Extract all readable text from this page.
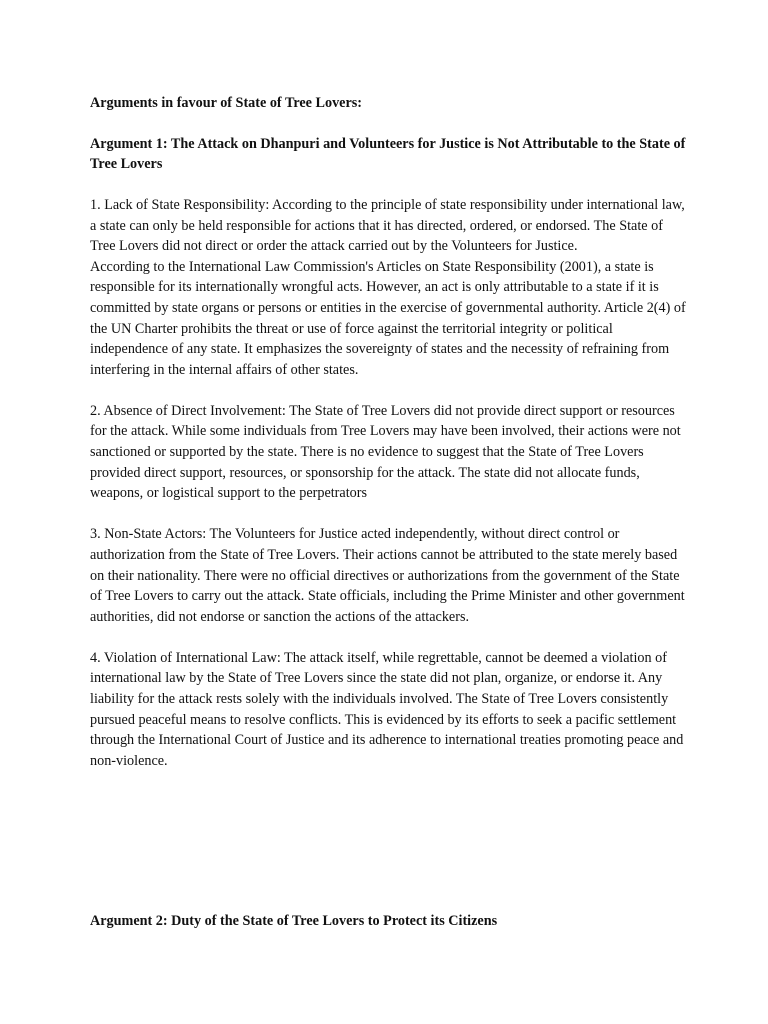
Arguments in favour of State of Tree Lovers:

Argument 1: The Attack on Dhanpuri and Volunteers for Justice is Not Attributable to the State of Tree Lovers

1. Lack of State Responsibility: According to the principle of state responsibility under international law, a state can only be held responsible for actions that it has directed, ordered, or endorsed. The State of Tree Lovers did not direct or order the attack carried out by the Volunteers for Justice.

According to the International Law Commission's Articles on State Responsibility (2001), a state is responsible for its internationally wrongful acts. However, an act is only attributable to a state if it is committed by state organs or persons or entities in the exercise of governmental authority. Article 2(4) of the UN Charter prohibits the threat or use of force against the territorial integrity or political independence of any state. It emphasizes the sovereignty of states and the necessity of refraining from interfering in the internal affairs of other states.

2. Absence of Direct Involvement: The State of Tree Lovers did not provide direct support or resources for the attack. While some individuals from Tree Lovers may have been involved, their actions were not sanctioned or supported by the state. There is no evidence to suggest that the State of Tree Lovers provided direct support, resources, or sponsorship for the attack. The state did not allocate funds, weapons, or logistical support to the perpetrators

3. Non-State Actors: The Volunteers for Justice acted independently, without direct control or authorization from the State of Tree Lovers. Their actions cannot be attributed to the state merely based on their nationality. There were no official directives or authorizations from the government of the State of Tree Lovers to carry out the attack. State officials, including the Prime Minister and other government authorities, did not endorse or sanction the actions of the attackers.

4. Violation of International Law: The attack itself, while regrettable, cannot be deemed a violation of international law by the State of Tree Lovers since the state did not plan, organize, or endorse it. Any liability for the attack rests solely with the individuals involved. The State of Tree Lovers consistently pursued peaceful means to resolve conflicts. This is evidenced by its efforts to seek a pacific settlement through the International Court of Justice and its adherence to international treaties promoting peace and non-violence.

Argument 2: Duty of the State of Tree Lovers to Protect its Citizens
